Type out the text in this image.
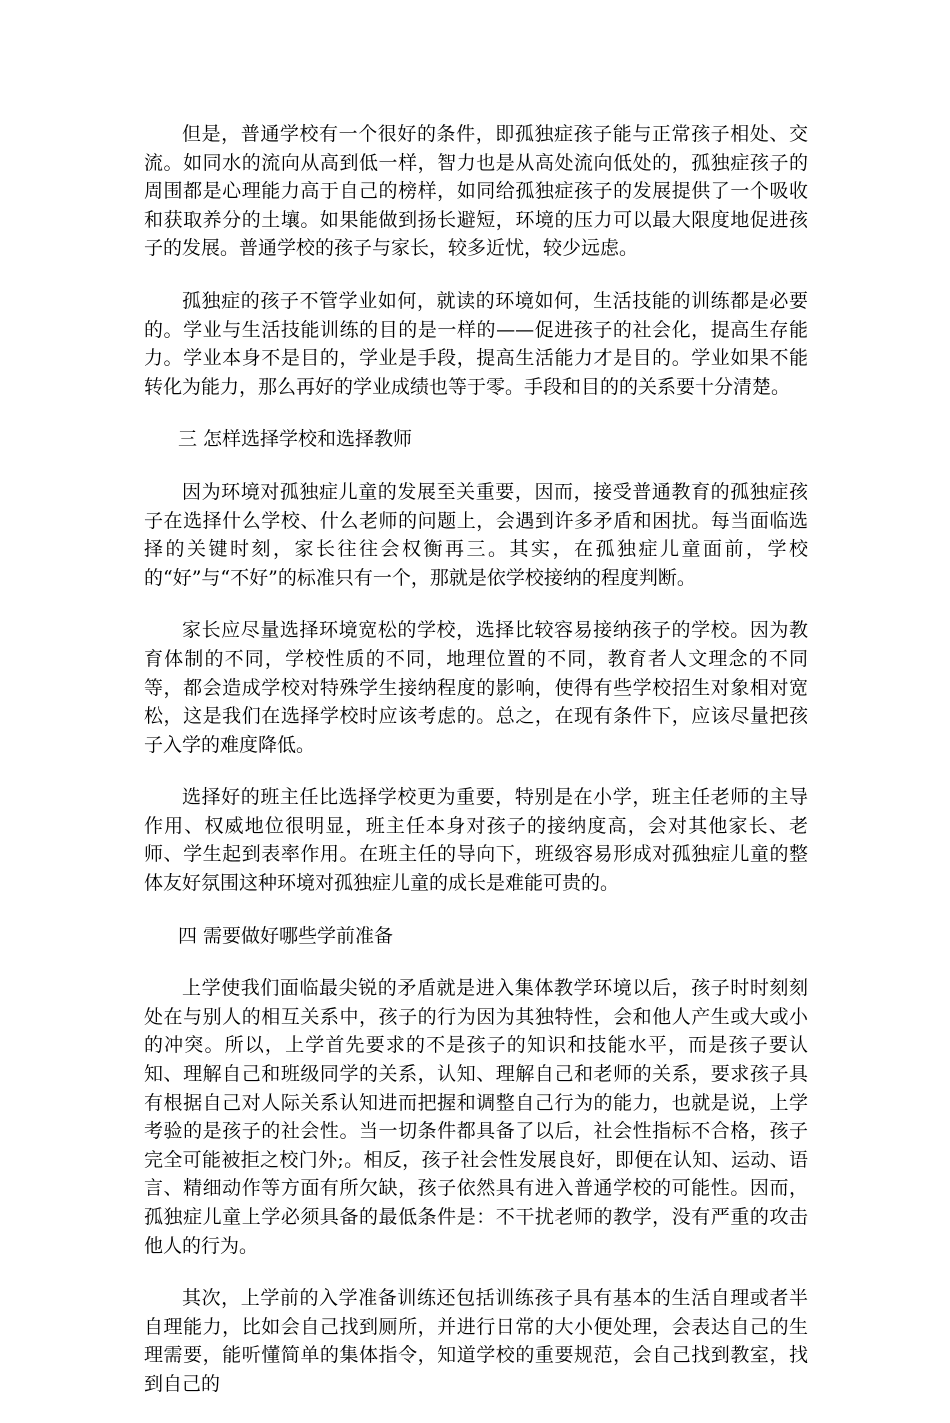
但是，普通学校有一个很好的条件，即孤独症孩子能与正常孩子相处、交流。如同水的流向从高到低一样，智力也是从高处流向低处的，孤独症孩子的周围都是心理能力高于自己的榜样，如同给孤独症孩子的发展提供了一个吸收和获取养分的土壤。如果能做到扬长避短，环境的压力可以最大限度地促进孩子的发展。普通学校的孩子与家长，较多近忧，较少远虑。

孤独症的孩子不管学业如何，就读的环境如何，生活技能的训练都是必要的。学业与生活技能训练的目的是一样的——促进孩子的社会化，提高生存能力。学业本身不是目的，学业是手段，提高生活能力才是目的。学业如果不能转化为能力，那么再好的学业成绩也等于零。手段和目的的关系要十分清楚。

三 怎样选择学校和选择教师

因为环境对孤独症儿童的发展至关重要，因而，接受普通教育的孤独症孩子在选择什么学校、什么老师的问题上，会遇到许多矛盾和困扰。每当面临选择的关键时刻，家长往往会权衡再三。其实，在孤独症儿童面前，学校的“好”与“不好”的标准只有一个，那就是依学校接纳的程度判断。

家长应尽量选择环境宽松的学校，选择比较容易接纳孩子的学校。因为教育体制的不同，学校性质的不同，地理位置的不同，教育者人文理念的不同等，都会造成学校对特殊学生接纳程度的影响，使得有些学校招生对象相对宽松，这是我们在选择学校时应该考虑的。总之，在现有条件下，应该尽量把孩子入学的难度降低。

选择好的班主任比选择学校更为重要，特别是在小学，班主任老师的主导作用、权威地位很明显，班主任本身对孩子的接纳度高，会对其他家长、老师、学生起到表率作用。在班主任的导向下，班级容易形成对孤独症儿童的整体友好氛围这种环境对孤独症儿童的成长是难能可贵的。

四 需要做好哪些学前准备

上学使我们面临最尖锐的矛盾就是进入集体教学环境以后，孩子时时刻刻处在与别人的相互关系中，孩子的行为因为其独特性，会和他人产生或大或小的冲突。所以，上学首先要求的不是孩子的知识和技能水平，而是孩子要认知、理解自己和班级同学的关系，认知、理解自己和老师的关系，要求孩子具有根据自己对人际关系认知进而把握和调整自己行为的能力，也就是说，上学考验的是孩子的社会性。当一切条件都具备了以后，社会性指标不合格，孩子完全可能被拒之校门外;。相反，孩子社会性发展良好，即便在认知、运动、语言、精细动作等方面有所欠缺，孩子依然具有进入普通学校的可能性。因而，孤独症儿童上学必须具备的最低条件是：不干扰老师的教学，没有严重的攻击他人的行为。

其次，上学前的入学准备训练还包括训练孩子具有基本的生活自理或者半自理能力，比如会自己找到厕所，并进行日常的大小便处理，会表达自己的生理需要，能听懂简单的集体指令，知道学校的重要规范，会自己找到教室，找到自己的
